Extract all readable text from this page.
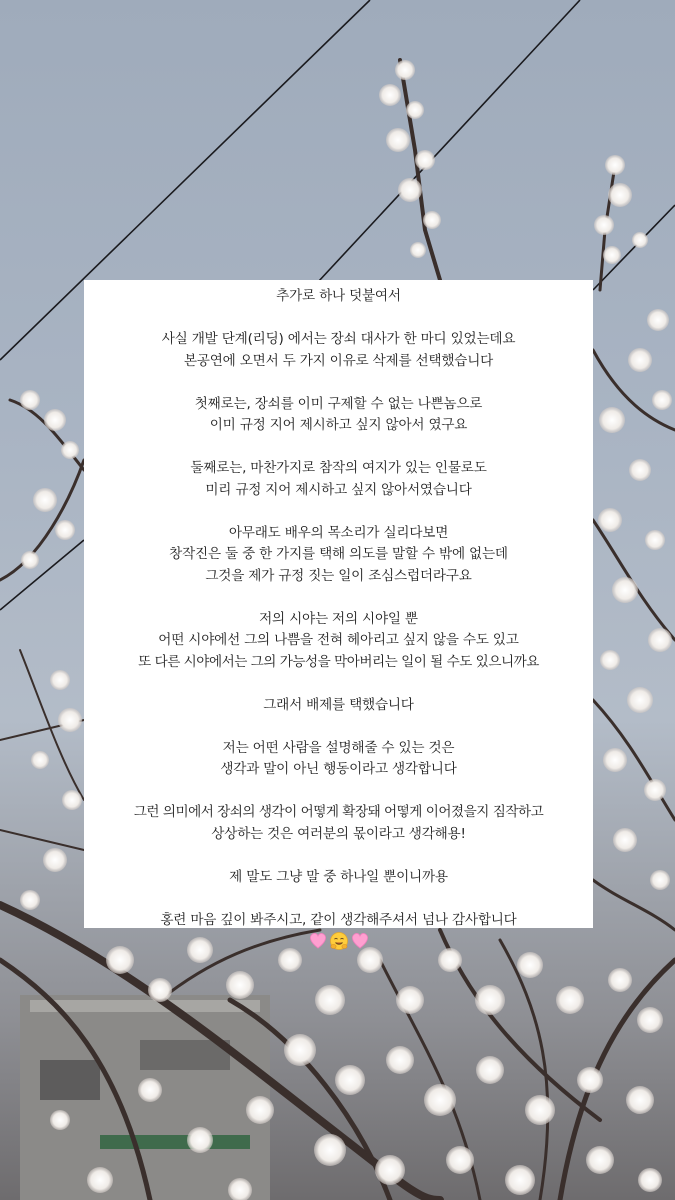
추가로 하나 덧붙여서
사실 개발 단계(리딩) 에서는 장쇠 대사가 한 마디 있었는데요
본공연에 오면서 두 가지 이유로 삭제를 선택했습니다
첫째로는, 장쇠를 이미 구제할 수 없는 나쁜놈으로
이미 규정 지어 제시하고 싶지 않아서 였구요
둘째로는, 마찬가지로 참작의 여지가 있는 인물로도
미리 규정 지어 제시하고 싶지 않아서였습니다
아무래도 배우의 목소리가 실리다보면
창작진은 둘 중 한 가지를 택해 의도를 말할 수 밖에 없는데
그것을 제가 규정 짓는 일이 조심스럽더라구요
저의 시야는 저의 시야일 뿐
어떤 시야에선 그의 나쁨을 전혀 헤아리고 싶지 않을 수도 있고
또 다른 시야에서는 그의 가능성을 막아버리는 일이 될 수도 있으니까요
그래서 배제를 택했습니다
저는 어떤 사람을 설명해줄 수 있는 것은
생각과 말이 아닌 행동이라고 생각합니다
그런 의미에서 장쇠의 생각이 어떻게 확장돼 어떻게 이어졌을지 짐작하고
상상하는 것은 여러분의 몫이라고 생각해용!
제 말도 그냥 말 중 하나일 뿐이니까용
홍련 마음 깊이 봐주시고, 같이 생각해주셔서 넘나 감사합니다
